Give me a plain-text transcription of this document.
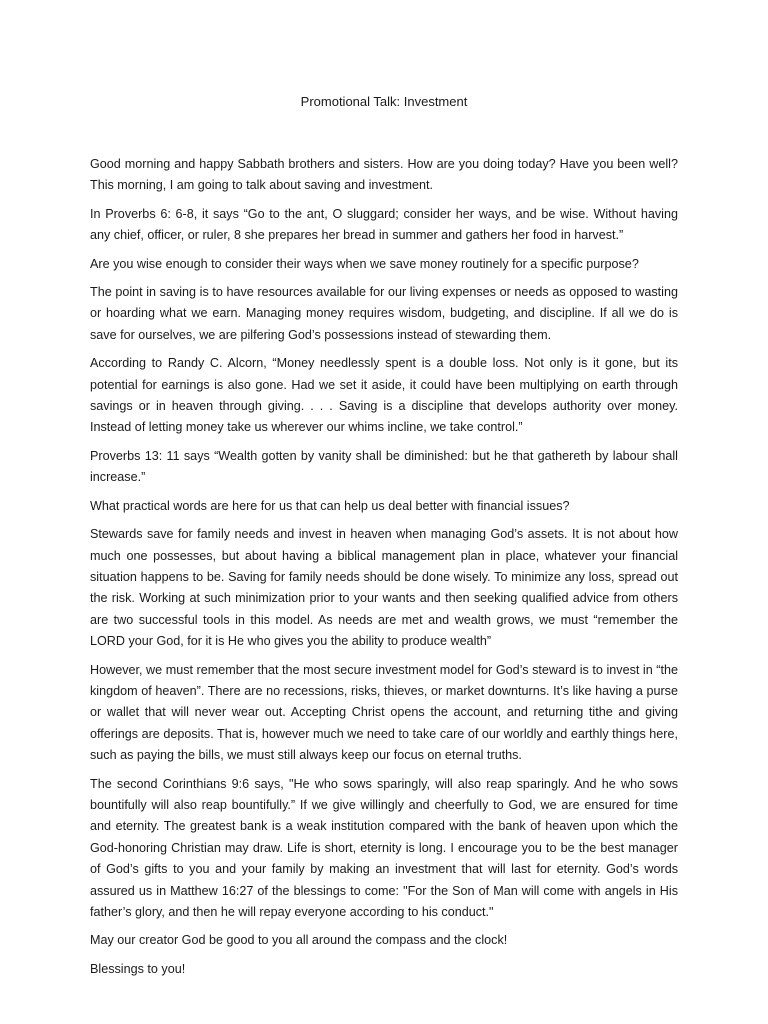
Promotional Talk: Investment

Good morning and happy Sabbath brothers and sisters. How are you doing today? Have you been well? This morning, I am going to talk about saving and investment.

In Proverbs 6: 6-8, it says “Go to the ant, O sluggard; consider her ways, and be wise. Without having any chief, officer, or ruler, 8 she prepares her bread in summer and gathers her food in harvest.”

Are you wise enough to consider their ways when we save money routinely for a specific purpose?

The point in saving is to have resources available for our living expenses or needs as opposed to wasting or hoarding what we earn. Managing money requires wisdom, budgeting, and discipline. If all we do is save for ourselves, we are pilfering God’s possessions instead of stewarding them.

According to Randy C. Alcorn, “Money needlessly spent is a double loss. Not only is it gone, but its potential for earnings is also gone. Had we set it aside, it could have been multiplying on earth through savings or in heaven through giving. . . . Saving is a discipline that develops authority over money. Instead of letting money take us wherever our whims incline, we take control.”

Proverbs 13: 11 says “Wealth gotten by vanity shall be diminished: but he that gathereth by labour shall increase.”

What practical words are here for us that can help us deal better with financial issues?

Stewards save for family needs and invest in heaven when managing God’s assets. It is not about how much one possesses, but about having a biblical management plan in place, whatever your financial situation happens to be. Saving for family needs should be done wisely. To minimize any loss, spread out the risk. Working at such minimization prior to your wants and then seeking qualified advice from others are two successful tools in this model. As needs are met and wealth grows, we must “remember the LORD your God, for it is He who gives you the ability to produce wealth”

However, we must remember that the most secure investment model for God’s steward is to invest in “the kingdom of heaven”. There are no recessions, risks, thieves, or market downturns. It’s like having a purse or wallet that will never wear out. Accepting Christ opens the account, and returning tithe and giving offerings are deposits. That is, however much we need to take care of our worldly and earthly things here, such as paying the bills, we must still always keep our focus on eternal truths.

The second Corinthians 9:6 says, "He who sows sparingly, will also reap sparingly. And he who sows bountifully will also reap bountifully.” If we give willingly and cheerfully to God, we are ensured for time and eternity. The greatest bank is a weak institution compared with the bank of heaven upon which the God-honoring Christian may draw. Life is short, eternity is long. I encourage you to be the best manager of God’s gifts to you and your family by making an investment that will last for eternity. God’s words assured us in Matthew 16:27 of the blessings to come: "For the Son of Man will come with angels in His father’s glory, and then he will repay everyone according to his conduct."

May our creator God be good to you all around the compass and the clock!

Blessings to you!
